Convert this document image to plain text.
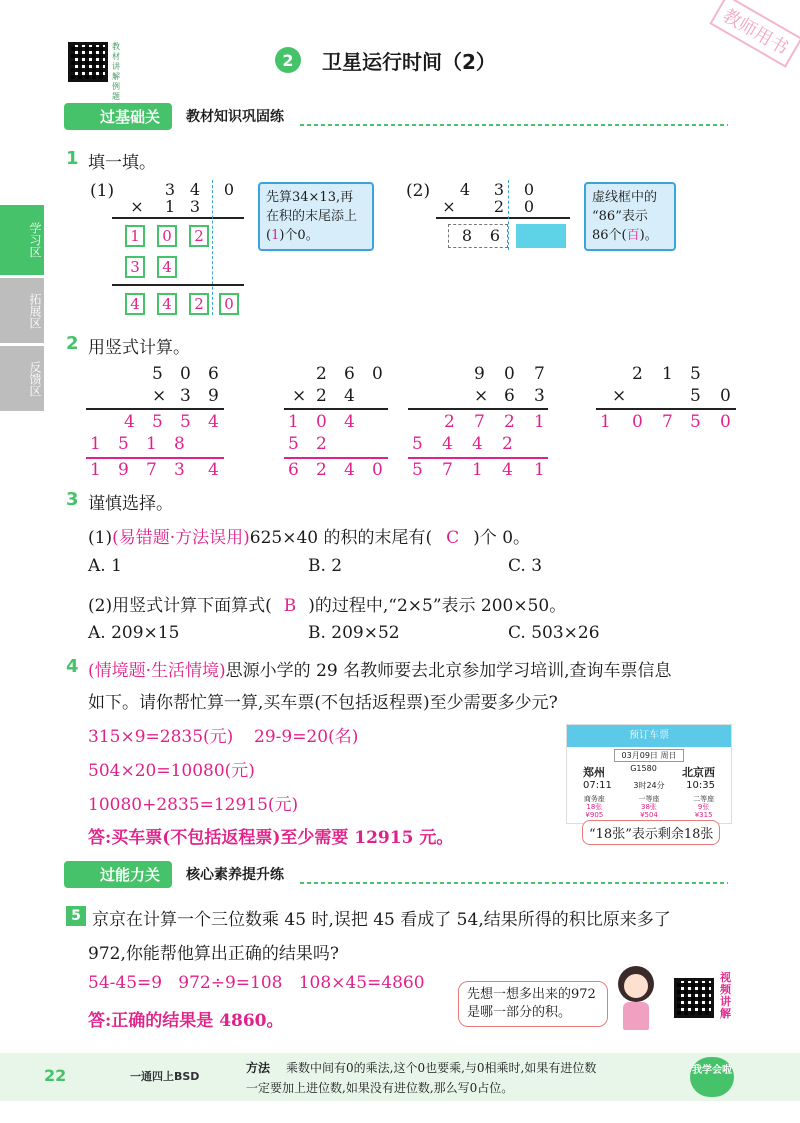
教材讲解例题
2	卫星运行时间（2）
教师用书
学习区
拓展区
反馈区
过基础关	教材知识巩固练
1 填一填。
(1)	3 4 0
× 1 3
1	0	2
3	4
4	4	2	0
先算34×13,再在积的末尾添上(1)个0。
(2) 4 3 0
× 2 0
8 6
虚线框中的
“86”表示
86个(百)。
2 用竖式计算。
5 0 6
× 3 9
4 5 5 4
1 5 1 8
1 9 7 3 4
2 6 0
× 2 4
1 0 4
5 2
6 2 4 0
9 0 7
× 6 3
2 7 2 1
5 4 4 2
5 7 1 4 1
2 1 5
×	5 0
1 0 7 5 0
3 谨慎选择。
(1)(易错题·方法误用)625×40 的积的末尾有( C )个 0。
A. 1	B. 2	C. 3
(2)用竖式计算下面算式( B )的过程中,“2×5”表示 200×50。
A. 209×15	B. 209×52	C. 503×26
4 (情境题·生活情境)思源小学的 29 名教师要去北京参加学习培训,查询车票信息
如下。请你帮忙算一算,买车票(不包括返程票)至少需要多少元?
315×9=2835(元) 29-9=20(名)
504×20=10080(元)
10080+2835=12915(元)
答:买车票(不包括返程票)至少需要 12915 元。
预订车票
03月09日 周日
郑州	G1580 北京西
07:11	3时24分 10:35
商务座
18张
¥905
一等座
38张
¥504
二等座
9张
¥315
“18张”表示剩余18张
过能力关	核心素养提升练
5 京京在计算一个三位数乘 45 时,误把 45 看成了 54,结果所得的积比原来多了
972,你能帮他算出正确的结果吗?
54-45=9   972÷9=108   108×45=4860
答:正确的结果是 4860。
先想一想多出来的972是哪一部分的积。
视频讲解
22	一通四上BSD
方法 乘数中间有0的乘法,这个0也要乘,与0相乘时,如果有进位数
一定要加上进位数,如果没有进位数,那么写0占位。
我学会啦
